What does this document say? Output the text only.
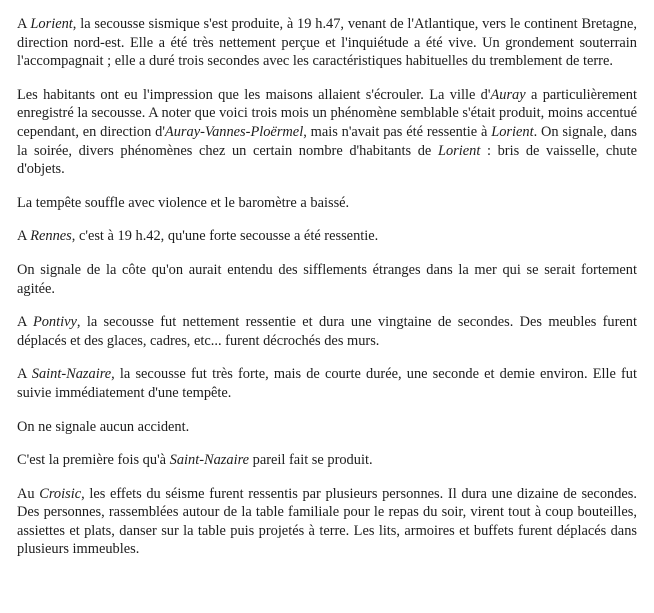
A Lorient, la secousse sismique s'est produite, à 19 h.47, venant de l'Atlantique, vers le continent Bretagne, direction nord-est. Elle a été très nettement perçue et l'inquiétude a été vive. Un grondement souterrain l'accompagnait ; elle a duré trois secondes avec les caractéristiques habituelles du tremblement de terre.

Les habitants ont eu l'impression que les maisons allaient s'écrouler. La ville d'Auray a particulièrement enregistré la secousse. A noter que voici trois mois un phénomène semblable s'était produit, moins accentué cependant, en direction d'Auray-Vannes-Ploërmel, mais n'avait pas été ressentie à Lorient. On signale, dans la soirée, divers phénomènes chez un certain nombre d'habitants de Lorient : bris de vaisselle, chute d'objets.

La tempête souffle avec violence et le baromètre a baissé.

A Rennes, c'est à 19 h.42, qu'une forte secousse a été ressentie.

On signale de la côte qu'on aurait entendu des sifflements étranges dans la mer qui se serait fortement agitée.

A Pontivy, la secousse fut nettement ressentie et dura une vingtaine de secondes. Des meubles furent déplacés et des glaces, cadres, etc... furent décrochés des murs.

A Saint-Nazaire, la secousse fut très forte, mais de courte durée, une seconde et demie environ. Elle fut suivie immédiatement d'une tempête.

On ne signale aucun accident.

C'est la première fois qu'à Saint-Nazaire pareil fait se produit.

Au Croisic, les effets du séisme furent ressentis par plusieurs personnes. Il dura une dizaine de secondes. Des personnes, rassemblées autour de la table familiale pour le repas du soir, virent tout à coup bouteilles, assiettes et plats, danser sur la table puis projetés à terre. Les lits, armoires et buffets furent déplacés dans plusieurs immeubles.
